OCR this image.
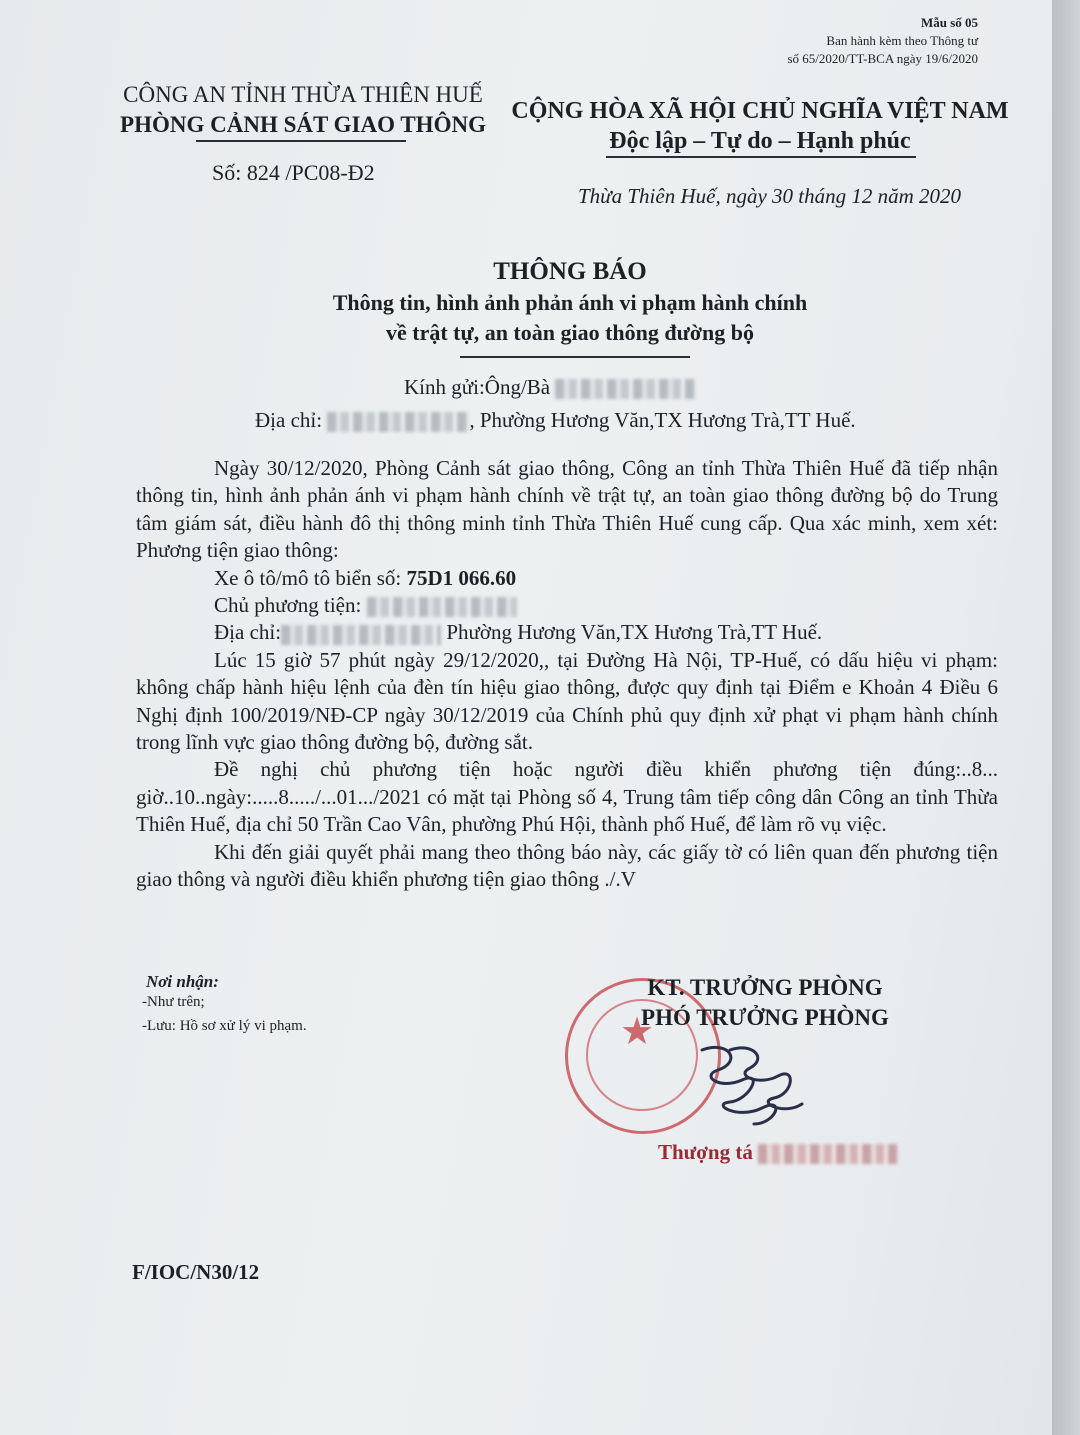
Mẫu số 05
Ban hành kèm theo Thông tư
số 65/2020/TT-BCA ngày 19/6/2020
CÔNG AN TỈNH THỪA THIÊN HUẾ
PHÒNG CẢNH SÁT GIAO THÔNG
Số: 824 /PC08-Đ2
CỘNG HÒA XÃ HỘI CHỦ NGHĨA VIỆT NAM
Độc lập – Tự do – Hạnh phúc
Thừa Thiên Huế, ngày 30 tháng 12 năm 2020
THÔNG BÁO
Thông tin, hình ảnh phản ánh vi phạm hành chính
về trật tự, an toàn giao thông đường bộ
Kính gửi:Ông/Bà
Địa chỉ:	, Phường Hương Văn,TX Hương Trà,TT Huế.

Ngày 30/12/2020, Phòng Cảnh sát giao thông, Công an tỉnh Thừa Thiên Huế đã tiếp nhận thông tin, hình ảnh phản ánh vi phạm hành chính về trật tự, an toàn giao thông đường bộ do Trung tâm giám sát, điều hành đô thị thông minh tỉnh Thừa Thiên Huế cung cấp. Qua xác minh, xem xét: Phương tiện giao thông:

Xe ô tô/mô tô biển số: 75D1 066.60

Chủ phương tiện:

Địa chỉ:	Phường Hương Văn,TX Hương Trà,TT Huế.

Lúc 15 giờ 57 phút ngày 29/12/2020,, tại Đường Hà Nội, TP-Huế, có dấu hiệu vi phạm: không chấp hành hiệu lệnh của đèn tín hiệu giao thông, được quy định tại Điểm e Khoản 4 Điều 6 Nghị định 100/2019/NĐ-CP ngày 30/12/2019 của Chính phủ quy định xử phạt vi phạm hành chính trong lĩnh vực giao thông đường bộ, đường sắt.

Đề nghị chủ phương tiện hoặc người điều khiển phương tiện đúng:..8... giờ..10..ngày:.....8...../...01.../2021 có mặt tại Phòng số 4, Trung tâm tiếp công dân Công an tỉnh Thừa Thiên Huế, địa chỉ 50 Trần Cao Vân, phường Phú Hội, thành phố Huế, để làm rõ vụ việc.

Khi đến giải quyết phải mang theo thông báo này, các giấy tờ có liên quan đến phương tiện giao thông và người điều khiển phương tiện giao thông ./.V

Nơi nhận:
-Như trên;
-Lưu: Hồ sơ xử lý vi phạm.	★
KT. TRƯỞNG PHÒNG
PHÓ TRƯỞNG PHÒNG
Thượng tá
F/IOC/N30/12
